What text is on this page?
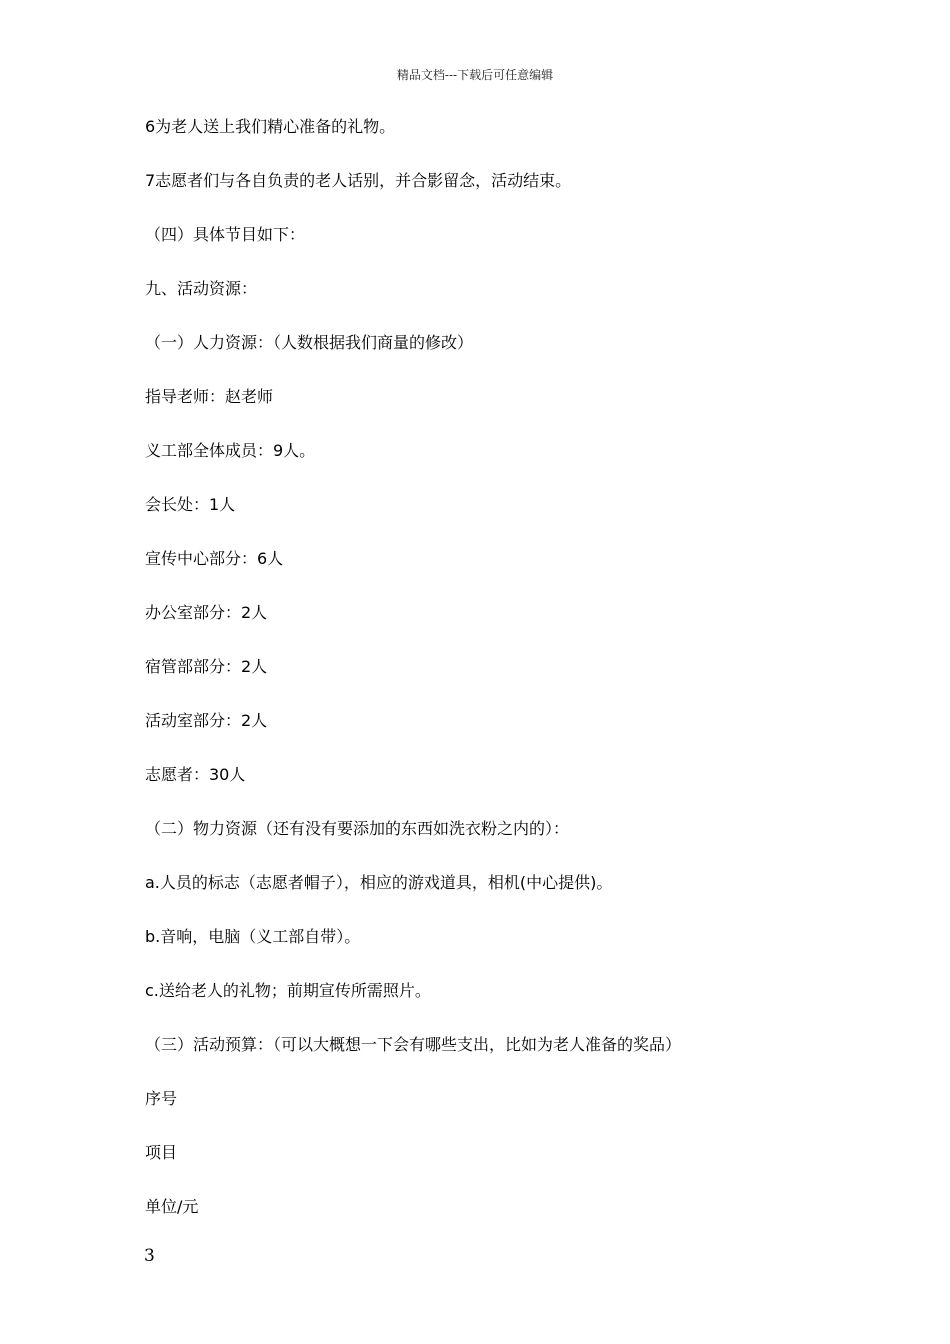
精品文档---下载后可任意编辑
6为老人送上我们精心准备的礼物。
7志愿者们与各自负责的老人话别，并合影留念，活动结束。
（四）具体节目如下：
九、活动资源：
（一）人力资源：（人数根据我们商量的修改）
指导老师：赵老师
义工部全体成员：9人。
会长处：1人
宣传中心部分：6人
办公室部分：2人
宿管部部分：2人
活动室部分：2人
志愿者：30人
（二）物力资源（还有没有要添加的东西如洗衣粉之内的）：
a.人员的标志（志愿者帽子），相应的游戏道具，相机(中心提供)。
b.音响，电脑（义工部自带）。
c.送给老人的礼物；前期宣传所需照片。
（三）活动预算：（可以大概想一下会有哪些支出，比如为老人准备的奖品）
序号
项目
单位/元
3
